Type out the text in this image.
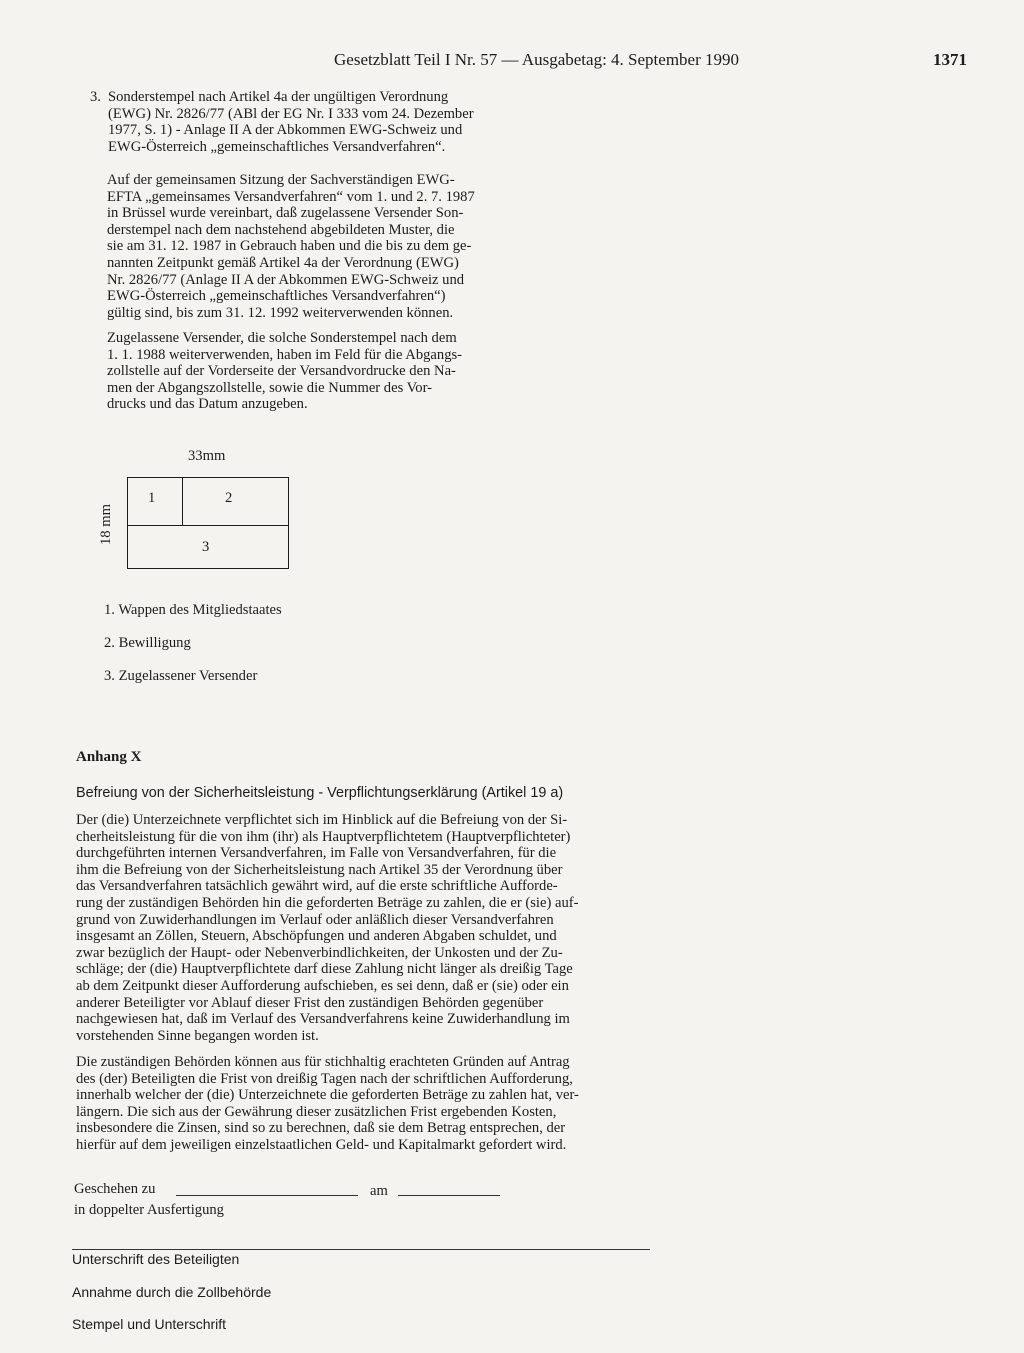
Gesetzblatt Teil I Nr. 57 — Ausgabetag: 4. September 1990	1371
3. Sonderstempel nach Artikel 4a der ungültigen Verordnung
(EWG) Nr. 2826/77 (ABl der EG Nr. I 333 vom 24. Dezember
1977, S. 1) - Anlage II A der Abkommen EWG-Schweiz und
EWG-Österreich „gemeinschaftliches Versandverfahren“.
Auf der gemeinsamen Sitzung der Sachverständigen EWG-
EFTA „gemeinsames Versandverfahren“ vom 1. und 2. 7. 1987
in Brüssel wurde vereinbart, daß zugelassene Versender Son-
derstempel nach dem nachstehend abgebildeten Muster, die
sie am 31. 12. 1987 in Gebrauch haben und die bis zu dem ge-
nannten Zeitpunkt gemäß Artikel 4a der Verordnung (EWG)
Nr. 2826/77 (Anlage II A der Abkommen EWG-Schweiz und
EWG-Österreich „gemeinschaftliches Versandverfahren“)
gültig sind, bis zum 31. 12. 1992 weiterverwenden können.
Zugelassene Versender, die solche Sonderstempel nach dem
1. 1. 1988 weiterverwenden, haben im Feld für die Abgangs-
zollstelle auf der Vorderseite der Versandvordrucke den Na-
men der Abgangszollstelle, sowie die Nummer des Vor-
drucks und das Datum anzugeben.
33mm
18 mm
1	2
3
1. Wappen des Mitgliedstaates
2. Bewilligung
3. Zugelassener Versender
Anhang X
Befreiung von der Sicherheitsleistung - Verpflichtungserklärung (Artikel 19 a)
Der (die) Unterzeichnete verpflichtet sich im Hinblick auf die Befreiung von der Si-
cherheitsleistung für die von ihm (ihr) als Hauptverpflichtetem (Hauptverpflichteter)
durchgeführten internen Versandverfahren, im Falle von Versandverfahren, für die
ihm die Befreiung von der Sicherheitsleistung nach Artikel 35 der Verordnung über
das Versandverfahren tatsächlich gewährt wird, auf die erste schriftliche Aufforde-
rung der zuständigen Behörden hin die geforderten Beträge zu zahlen, die er (sie) auf-
grund von Zuwiderhandlungen im Verlauf oder anläßlich dieser Versandverfahren
insgesamt an Zöllen, Steuern, Abschöpfungen und anderen Abgaben schuldet, und
zwar bezüglich der Haupt- oder Nebenverbindlichkeiten, der Unkosten und der Zu-
schläge; der (die) Hauptverpflichtete darf diese Zahlung nicht länger als dreißig Tage
ab dem Zeitpunkt dieser Aufforderung aufschieben, es sei denn, daß er (sie) oder ein
anderer Beteiligter vor Ablauf dieser Frist den zuständigen Behörden gegenüber
nachgewiesen hat, daß im Verlauf des Versandverfahrens keine Zuwiderhandlung im
vorstehenden Sinne begangen worden ist.
Die zuständigen Behörden können aus für stichhaltig erachteten Gründen auf Antrag
des (der) Beteiligten die Frist von dreißig Tagen nach der schriftlichen Aufforderung,
innerhalb welcher der (die) Unterzeichnete die geforderten Beträge zu zahlen hat, ver-
längern. Die sich aus der Gewährung dieser zusätzlichen Frist ergebenden Kosten,
insbesondere die Zinsen, sind so zu berechnen, daß sie dem Betrag entsprechen, der
hierfür auf dem jeweiligen einzelstaatlichen Geld- und Kapitalmarkt gefordert wird.
Geschehen zu	am
in doppelter Ausfertigung
Unterschrift des Beteiligten
Annahme durch die Zollbehörde
Stempel und Unterschrift
